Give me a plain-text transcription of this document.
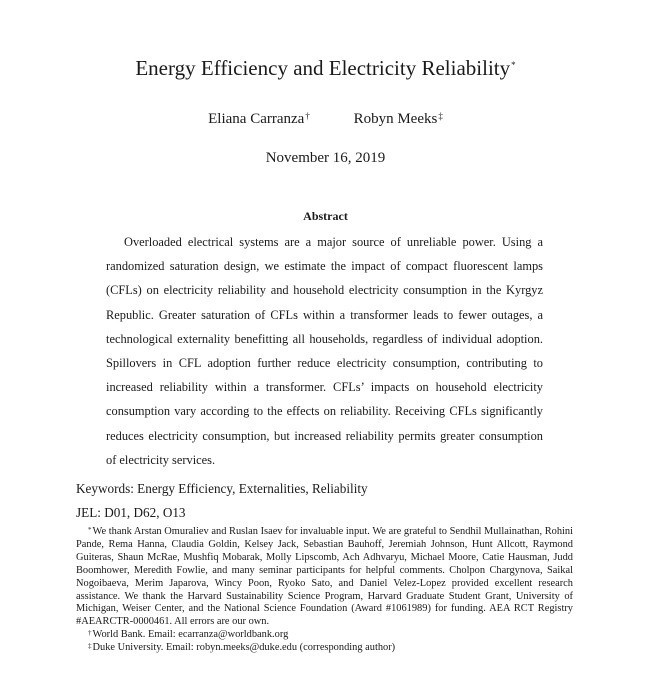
Energy Efficiency and Electricity Reliability*
Eliana Carranza†	Robyn Meeks‡
November 16, 2019
Abstract

Overloaded electrical systems are a major source of unreliable power. Using a randomized saturation design, we estimate the impact of compact fluorescent lamps (CFLs) on electricity reliability and household electricity consumption in the Kyrgyz Republic. Greater saturation of CFLs within a transformer leads to fewer outages, a technological externality benefitting all households, regardless of individual adoption. Spillovers in CFL adoption further reduce electricity consumption, contributing to increased reliability within a transformer. CFLs’ impacts on household electricity consumption vary according to the effects on reliability. Receiving CFLs significantly reduces electricity consumption, but increased reliability permits greater consumption of electricity services.

Keywords: Energy Efficiency, Externalities, Reliability
JEL: D01, D62, O13

*We thank Arstan Omuraliev and Ruslan Isaev for invaluable input. We are grateful to Sendhil Mullainathan, Rohini Pande, Rema Hanna, Claudia Goldin, Kelsey Jack, Sebastian Bauhoff, Jeremiah Johnson, Hunt Allcott, Raymond Guiteras, Shaun McRae, Mushfiq Mobarak, Molly Lipscomb, Ach Adhvaryu, Michael Moore, Catie Hausman, Judd Boomhower, Meredith Fowlie, and many seminar participants for helpful comments. Cholpon Chargynova, Saikal Nogoibaeva, Merim Japarova, Wincy Poon, Ryoko Sato, and Daniel Velez-Lopez provided excellent research assistance. We thank the Harvard Sustainability Science Program, Harvard Graduate Student Grant, University of Michigan, Weiser Center, and the National Science Foundation (Award #1061989) for funding. AEA RCT Registry #AEARCTR-0000461. All errors are our own.

†World Bank. Email: ecarranza@worldbank.org

‡Duke University. Email: robyn.meeks@duke.edu (corresponding author)
